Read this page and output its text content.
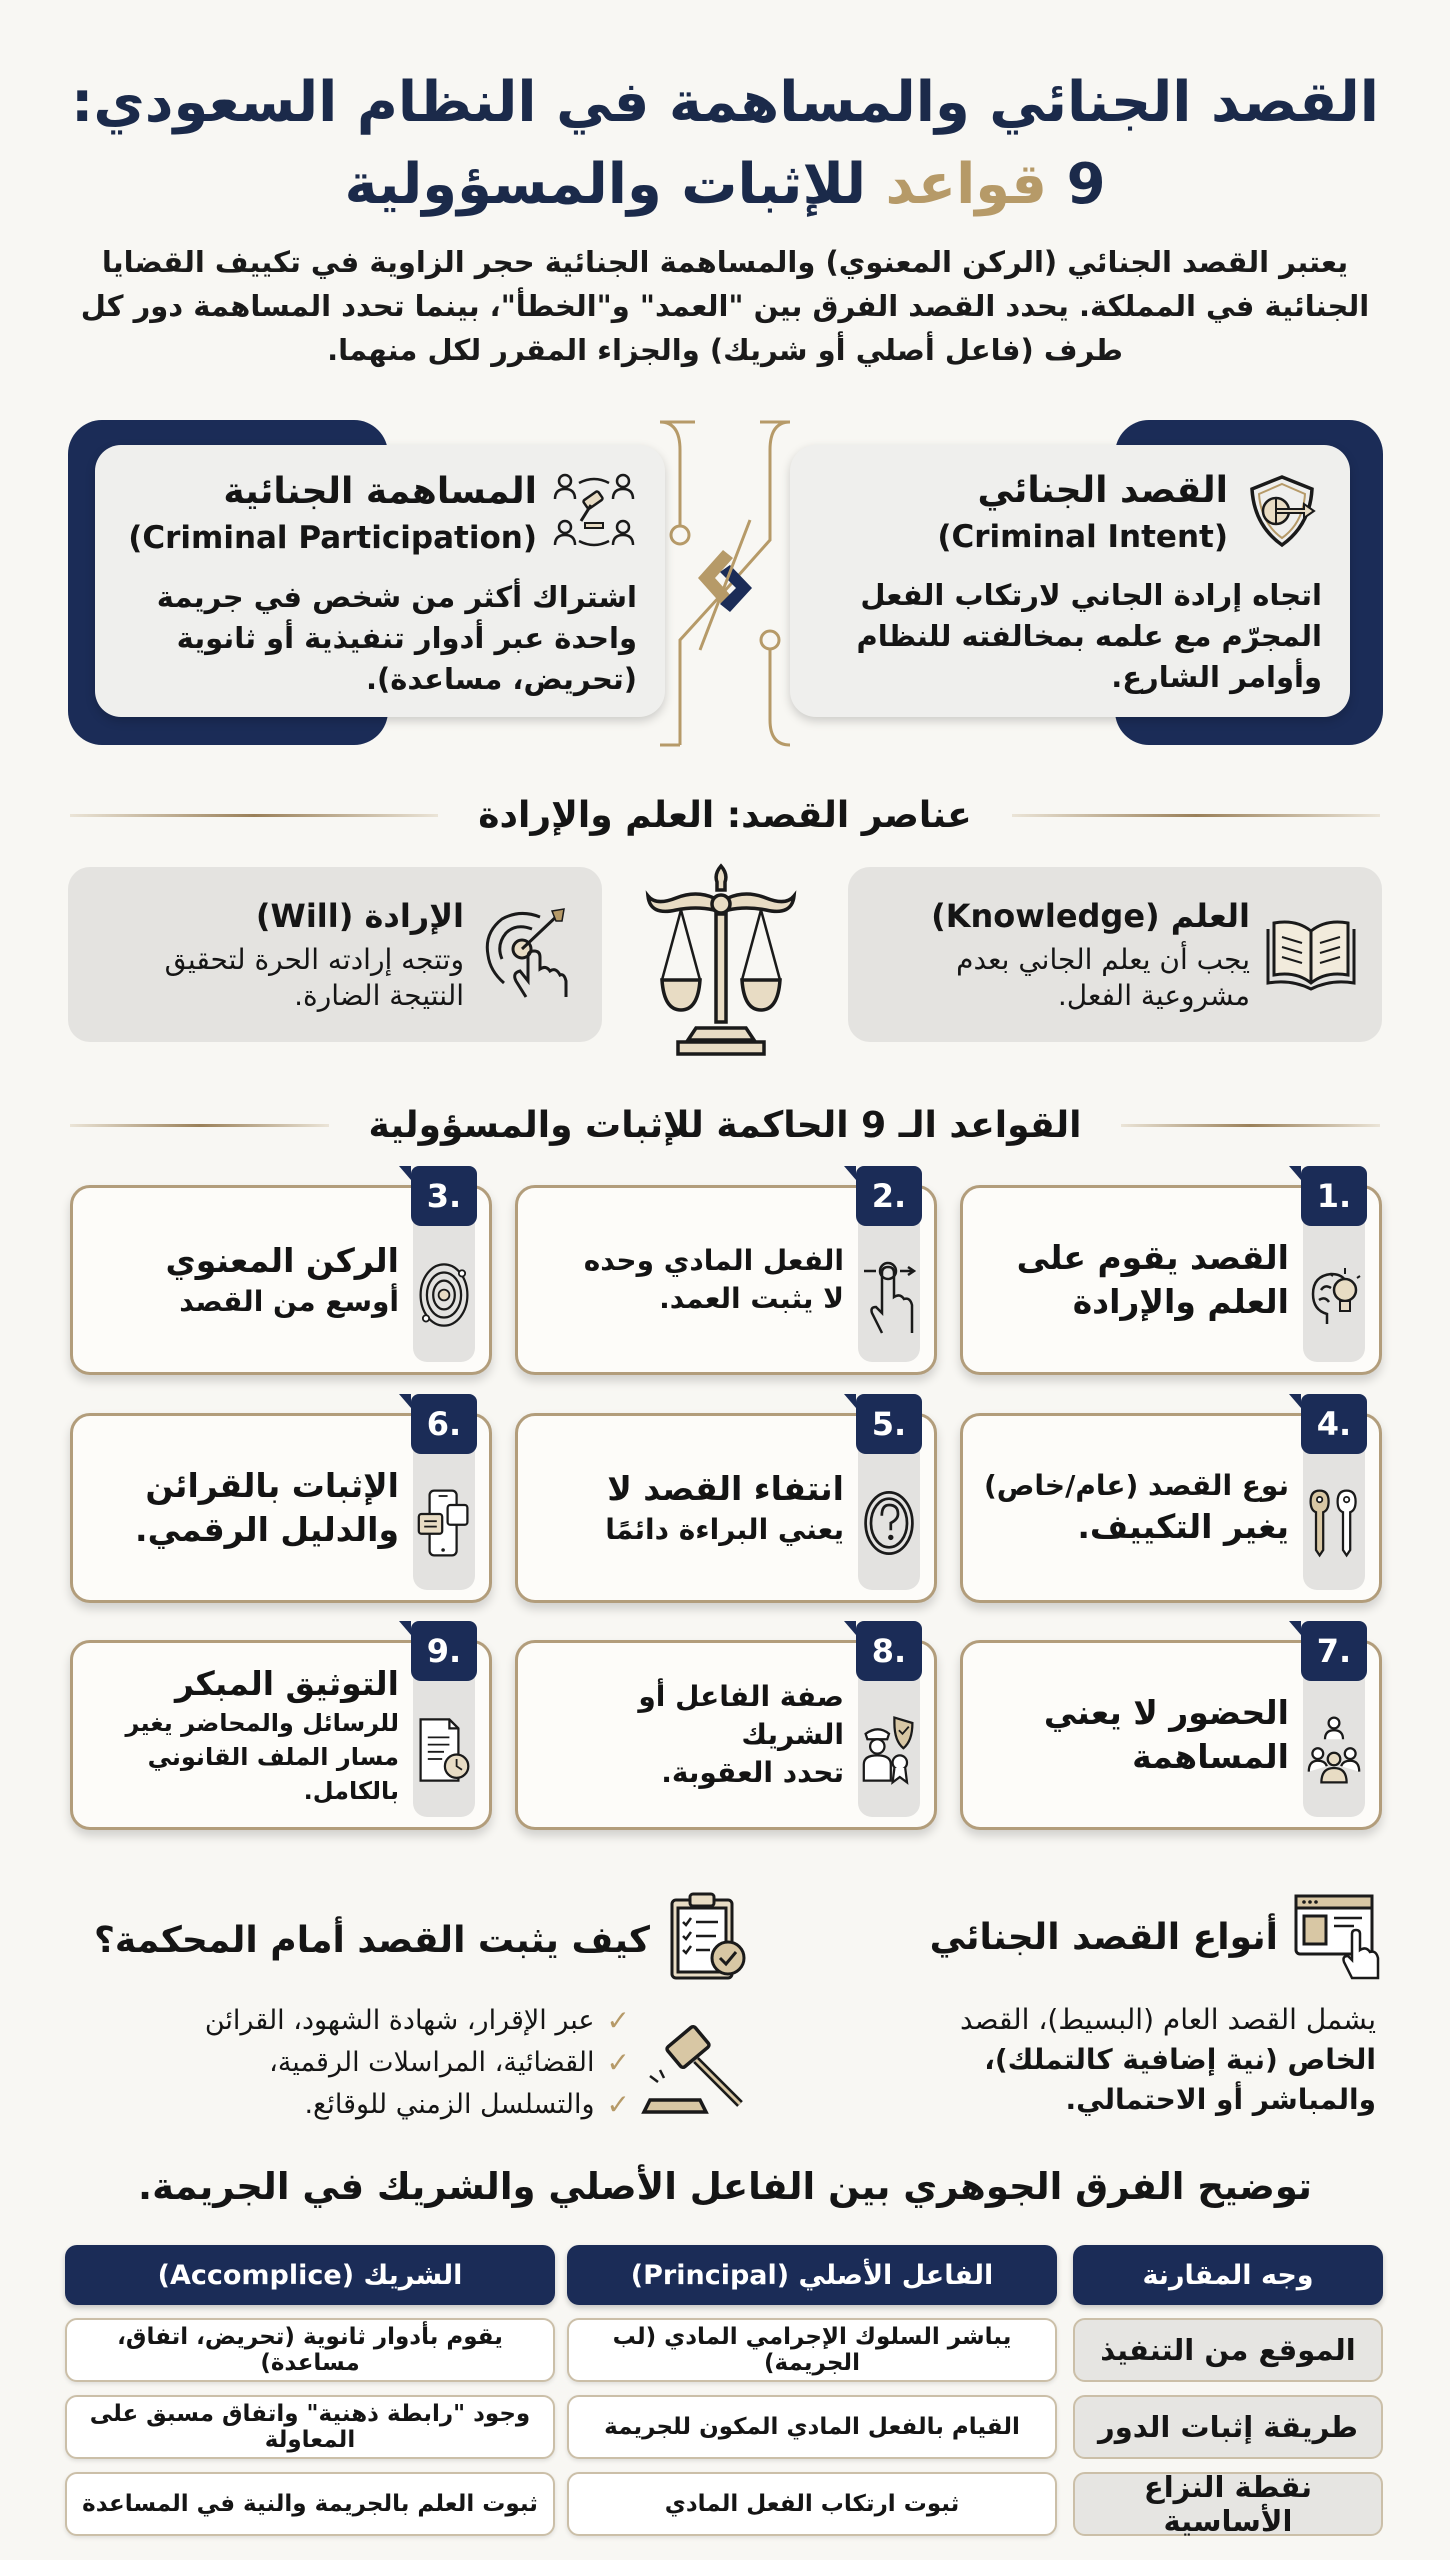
القصد الجنائي والمساهمة في النظام السعودي:
9 قواعد للإثبات والمسؤولية

يعتبر القصد الجنائي (الركن المعنوي) والمساهمة الجنائية حجر الزاوية في تكييف القضايا الجنائية في المملكة. يحدد القصد الفرق بين "العمد" و"الخطأ"، بينما تحدد المساهمة دور كل طرف (فاعل أصلي أو شريك) والجزاء المقرر لكل منهما.

القصد الجنائي
(Criminal Intent)
اتجاه إرادة الجاني لارتكاب الفعل المجرّم مع علمه بمخالفته للنظام وأوامر الشارع.
المساهمة الجنائية
(Criminal Participation)
اشتراك أكثر من شخص في جريمة واحدة عبر أدوار تنفيذية أو ثانوية (تحريض، مساعدة).
عناصر القصد: العلم والإرادة
العلم (Knowledge)
يجب أن يعلم الجاني بعدم مشروعية الفعل.
الإرادة (Will)
وتتجه إرادته الحرة لتحقيق النتيجة الضارة.
القواعد الـ 9 الحاكمة للإثبات والمسؤولية
1.
القصد يقوم على
العلم والإرادة
2.
الفعل المادي وحده
لا يثبت العمد.
3.
الركن المعنوي
أوسع من القصد
4.
نوع القصد (عام/خاص)
يغير التكييف.
5.
انتفاء القصد لا
يعني البراءة دائمًا
6.
الإثبات بالقرائن
والدليل الرقمي.
7.
الحضور لا يعني
المساهمة
8.
صفة الفاعل أو الشريك
تحدد العقوبة.
9.
التوثيق المبكر
للرسائل والمحاضر يغير
مسار الملف القانوني
بالكامل.
أنواع القصد الجنائي
يشمل القصد العام (البسيط)، القصد
الخاص (نية إضافية كالتملك)،
والمباشر أو الاحتمالي.
كيف يثبت القصد أمام المحكمة؟
✓
عبر الإقرار، شهادة الشهود، القرائن
✓
القضائية، المراسلات الرقمية،
✓
والتسلسل الزمني للوقائع.
توضيح الفرق الجوهري بين الفاعل الأصلي والشريك في الجريمة.
وجه المقارنة
الفاعل الأصلي (Principal)
الشريك (Accomplice)
الموقع من التنفيذ
يباشر السلوك الإجرامي المادي (لب الجريمة)
يقوم بأدوار ثانوية (تحريض، اتفاق، مساعدة)
طريقة إثبات الدور
القيام بالفعل المادي المكون للجريمة
وجود "رابطة ذهنية" واتفاق مسبق على المعاولة
نقطة النزاع الأساسية
ثبوت ارتكاب الفعل المادي
ثبوت العلم بالجريمة والنية في المساعدة
